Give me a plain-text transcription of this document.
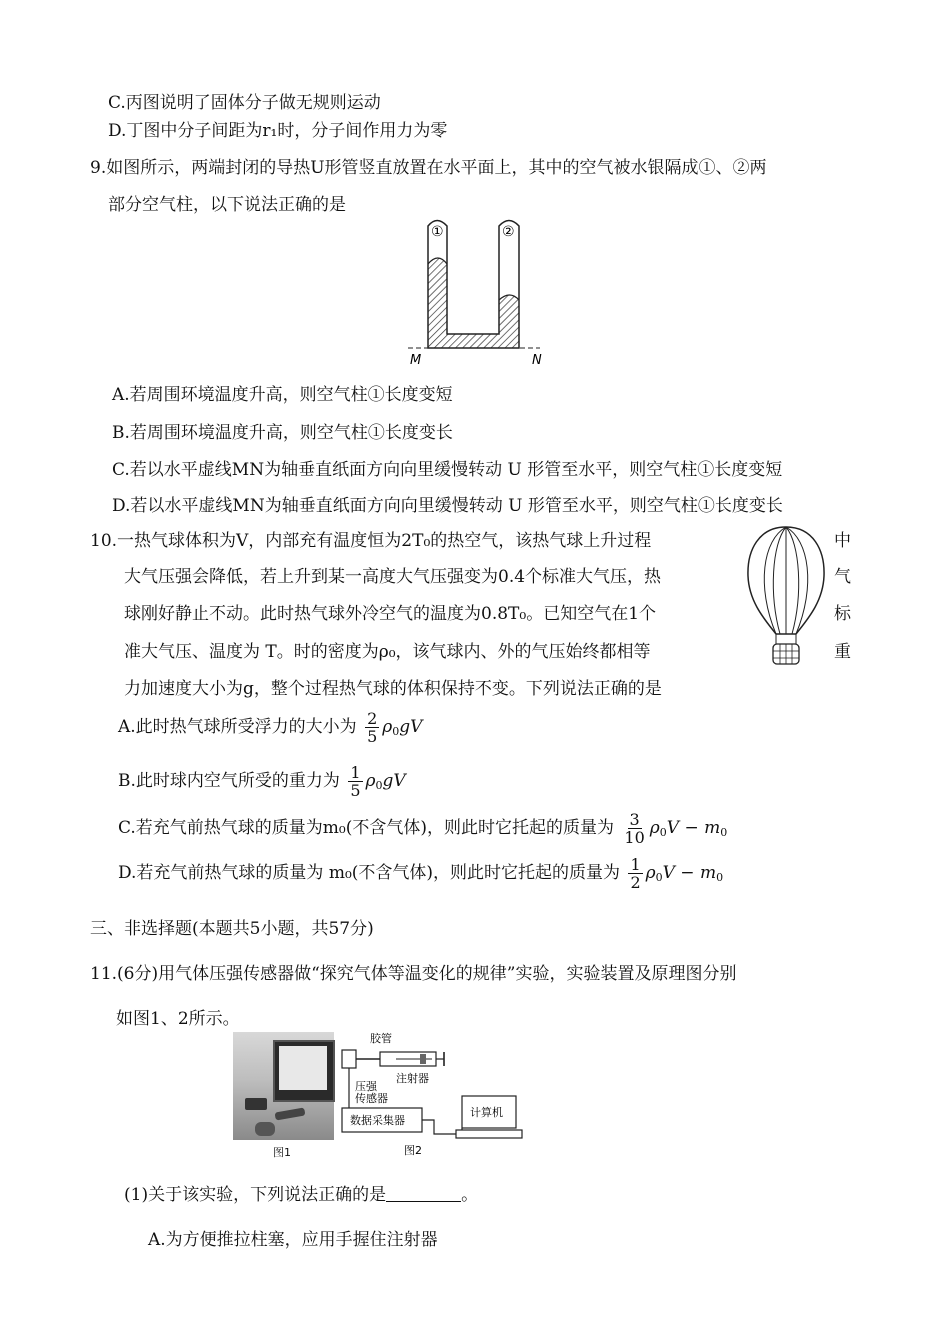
C.丙图说明了固体分子做无规则运动
D.丁图中分子间距为r₁时，分子间作用力为零
9.如图所示，两端封闭的导热U形管竖直放置在水平面上，其中的空气被水银隔成①、②两
部分空气柱，以下说法正确的是
①	②
M	N
A.若周围环境温度升高，则空气柱①长度变短
B.若周围环境温度升高，则空气柱①长度变长
C.若以水平虚线MN为轴垂直纸面方向向里缓慢转动 U 形管至水平，则空气柱①长度变短
D.若以水平虚线MN为轴垂直纸面方向向里缓慢转动 U 形管至水平，则空气柱①长度变长
10.一热气球体积为V，内部充有温度恒为2T₀的热空气，该热气球上升过程	中
大气压强会降低，若上升到某一高度大气压强变为0.4个标准大气压，热	气
球刚好静止不动。此时热气球外冷空气的温度为0.8T₀。已知空气在1个	标
准大气压、温度为 T。时的密度为ρ₀，该气球内、外的气压始终都相等	重
力加速度大小为g，整个过程热气球的体积保持不变。下列说法正确的是
A.此时热气球所受浮力的大小为 $\frac{2}{5} \rho_0gV$
B.此时球内空气所受的重力为 $\frac{1}{5} \rho_0gV$
C.若充气前热气球的质量为m₀(不含气体)，则此时它托起的质量为 $\frac{3}{10} \rho_0V - m_0$
D.若充气前热气球的质量为 m₀(不含气体)，则此时它托起的质量为 $\frac{1}{2} \rho_0V - m_0$
三、非选择题(本题共5小题，共57分)
11.(6分)用气体压强传感器做“探究气体等温变化的规律”实验，实验装置及原理图分别
如图1、2所示。
胶管
注射器
压强
传感器
数据采集器
计算机
图2
图1
(1)关于该实验，下列说法正确的是	。
A.为方便推拉柱塞，应用手握住注射器
